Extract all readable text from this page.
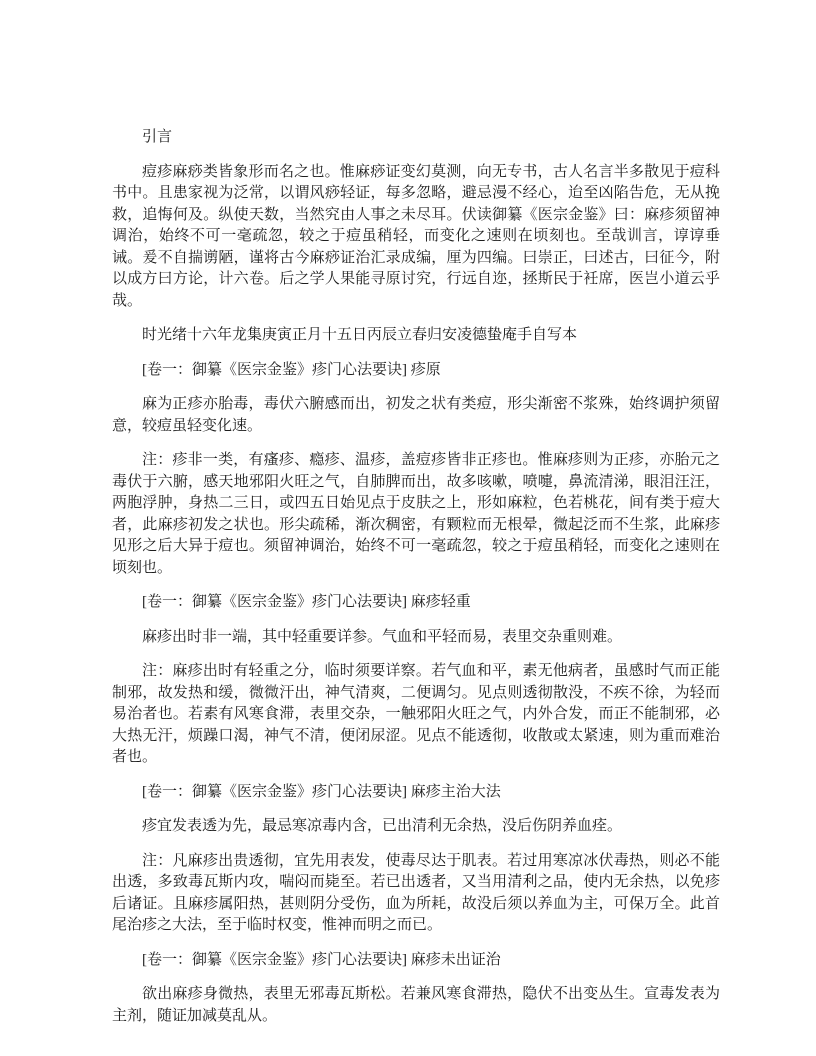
引言

痘疹麻痧类皆象形而名之也。惟麻痧证变幻莫测，向无专书，古人名言半多散见于痘科书中。且患家视为泛常，以谓风痧轻证，每多忽略，避忌漫不经心，迨至凶陷告危，无从挽救，追悔何及。纵使天数，当然究由人事之未尽耳。伏读御纂《医宗金鉴》曰：麻疹须留神调治，始终不可一毫疏忽，较之于痘虽稍轻，而变化之速则在顷刻也。至哉训言，谆谆垂诫。爰不自揣谫陋，谨将古今麻痧证治汇录成编，厘为四编。曰崇正，曰述古，曰征今，附以成方曰方论，计六卷。后之学人果能寻原讨究，行远自迩，拯斯民于衽席，医岂小道云乎哉。

时光绪十六年龙集庚寅正月十五日丙辰立春归安凌德蛰庵手自写本

[卷一：御纂《医宗金鉴》疹门心法要诀] 疹原

麻为正疹亦胎毒，毒伏六腑感而出，初发之状有类痘，形尖渐密不浆殊，始终调护须留意，较痘虽轻变化速。

注：疹非一类，有瘙疹、瘾疹、温疹，盖痘疹皆非正疹也。惟麻疹则为正疹，亦胎元之毒伏于六腑，感天地邪阳火旺之气，自肺脾而出，故多咳嗽，喷嚏，鼻流清涕，眼泪汪汪，两胞浮肿，身热二三日，或四五日始见点于皮肤之上，形如麻粒，色若桃花，间有类于痘大者，此麻疹初发之状也。形尖疏稀，渐次稠密，有颗粒而无根晕，微起泛而不生浆，此麻疹见形之后大异于痘也。须留神调治，始终不可一毫疏忽，较之于痘虽稍轻，而变化之速则在顷刻也。

[卷一：御纂《医宗金鉴》疹门心法要诀] 麻疹轻重

麻疹出时非一端，其中轻重要详参。气血和平轻而易，表里交杂重则难。

注：麻疹出时有轻重之分，临时须要详察。若气血和平，素无他病者，虽感时气而正能制邪，故发热和缓，微微汗出，神气清爽，二便调匀。见点则透彻散没，不疾不徐，为轻而易治者也。若素有风寒食滞，表里交杂，一触邪阳火旺之气，内外合发，而正不能制邪，必大热无汗，烦躁口渴，神气不清，便闭尿涩。见点不能透彻，收散或太紧速，则为重而难治者也。

[卷一：御纂《医宗金鉴》疹门心法要诀] 麻疹主治大法

疹宜发表透为先，最忌寒凉毒内含，已出清利无余热，没后伤阴养血痊。

注：凡麻疹出贵透彻，宜先用表发，使毒尽达于肌表。若过用寒凉冰伏毒热，则必不能出透，多致毒瓦斯内攻，喘闷而毙至。若已出透者，又当用清利之品，使内无余热，以免疹后诸证。且麻疹属阳热，甚则阴分受伤，血为所耗，故没后须以养血为主，可保万全。此首尾治疹之大法，至于临时权变，惟神而明之而已。

[卷一：御纂《医宗金鉴》疹门心法要诀] 麻疹未出证治

欲出麻疹身微热，表里无邪毒瓦斯松。若兼风寒食滞热，隐伏不出变丛生。宣毒发表为主剂，随证加减莫乱从。
